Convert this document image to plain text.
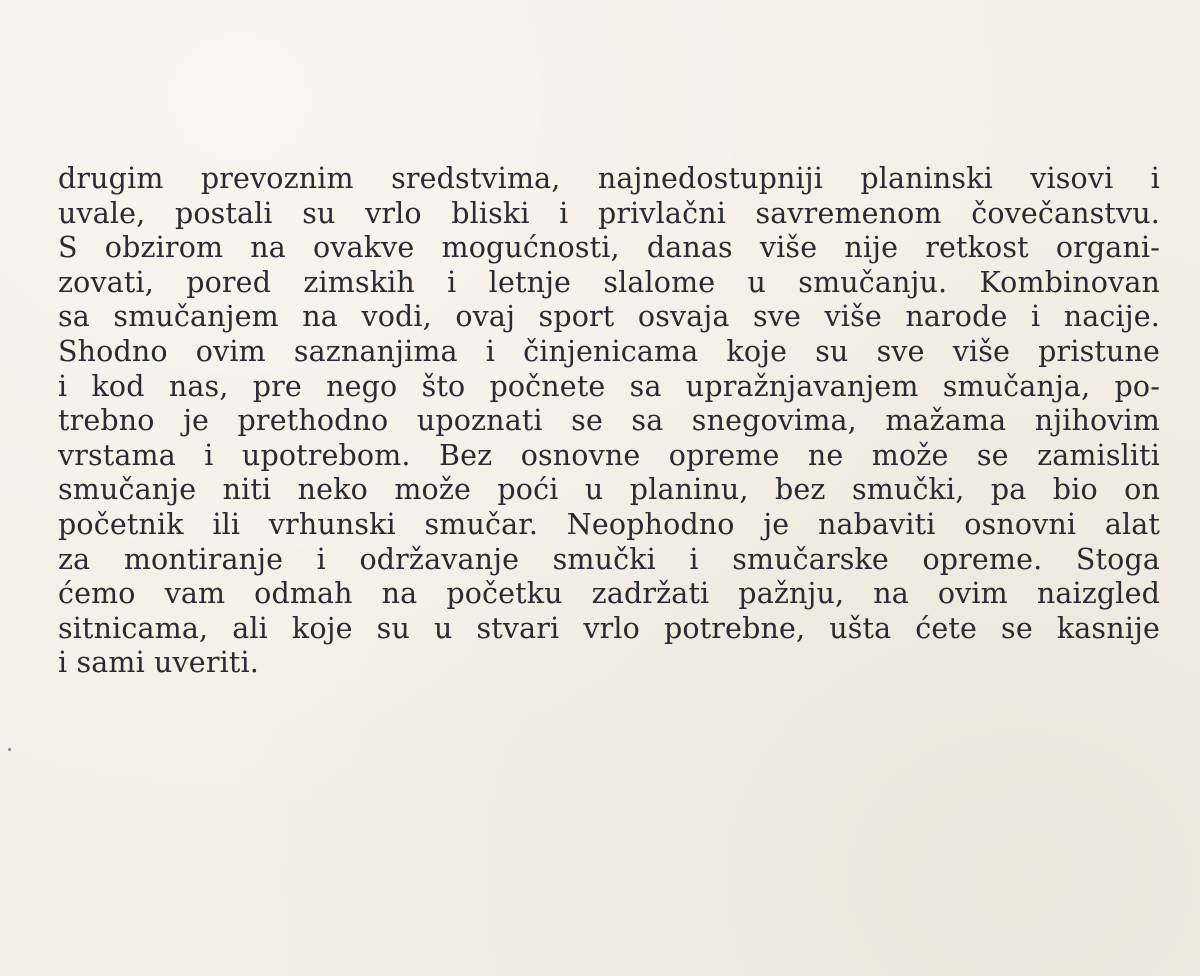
drugim prevoznim sredstvima, najnedostupniji planinski visovi i
uvale, postali su vrlo bliski i privlačni savremenom čovečanstvu.
S obzirom na ovakve mogućnosti, danas više nije retkost organi-
zovati, pored zimskih i letnje slalome u smučanju. Kombinovan
sa smučanjem na vodi, ovaj sport osvaja sve više narode i nacije.
Shodno ovim saznanjima i činjenicama koje su sve više pristune
i kod nas, pre nego što počnete sa upražnjavanjem smučanja, po-
trebno je prethodno upoznati se sa snegovima, mažama njihovim
vrstama i upotrebom. Bez osnovne opreme ne može se zamisliti
smučanje niti neko može poći u planinu, bez smučki, pa bio on
početnik ili vrhunski smučar. Neophodno je nabaviti osnovni alat
za montiranje i održavanje smučki i smučarske opreme. Stoga
ćemo vam odmah na početku zadržati pažnju, na ovim naizgled
sitnicama, ali koje su u stvari vrlo potrebne, ušta ćete se kasnije
i sami uveriti.
